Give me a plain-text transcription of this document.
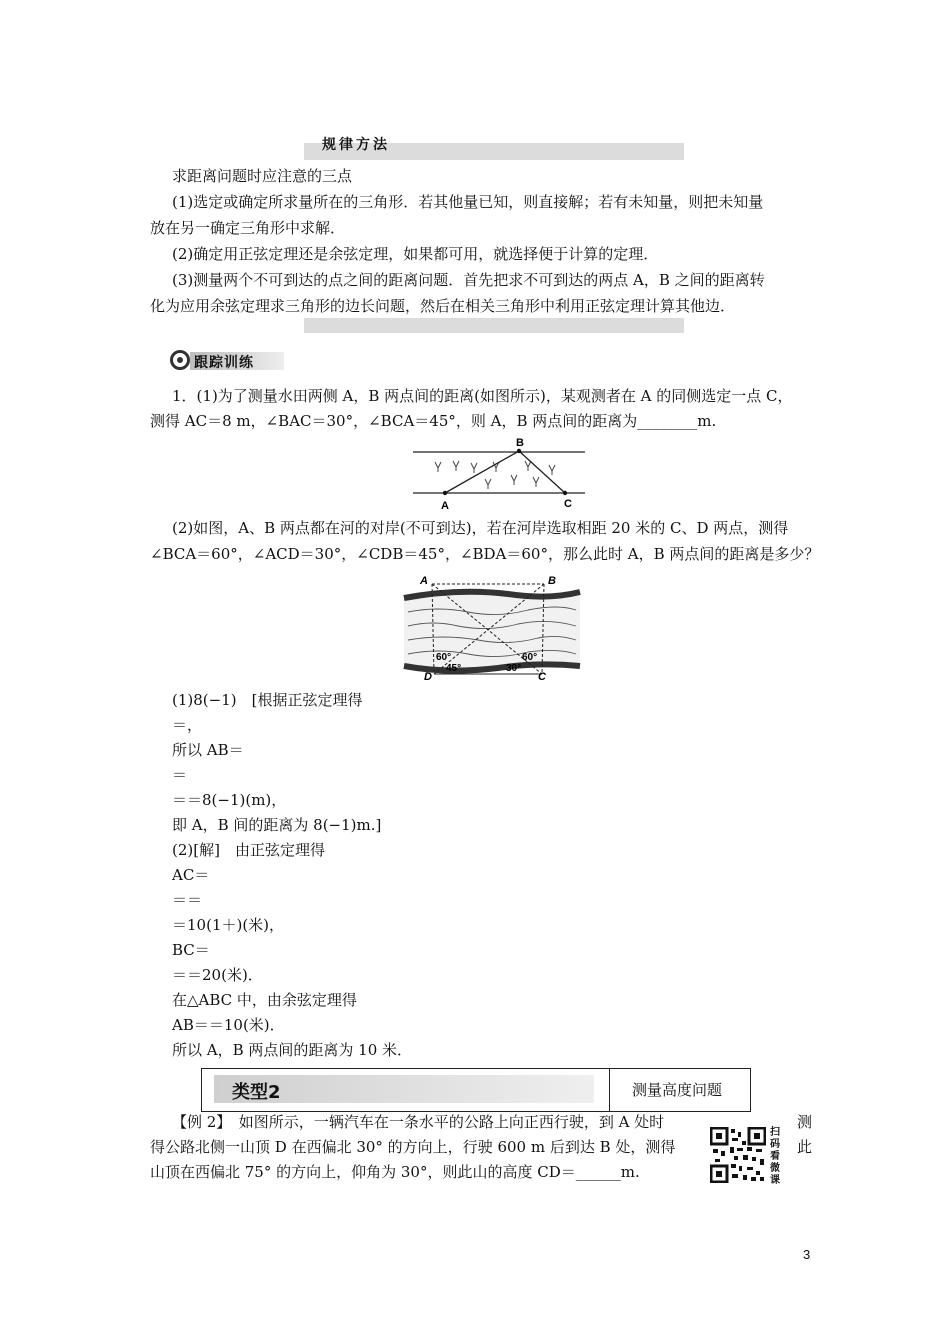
规律方法
求距离问题时应注意的三点
(1)选定或确定所求量所在的三角形．若其他量已知，则直接解；若有未知量，则把未知量
放在另一确定三角形中求解．
(2)确定用正弦定理还是余弦定理，如果都可用，就选择便于计算的定理．
(3)测量两个不可到达的点之间的距离问题．首先把求不可到达的两点 A，B 之间的距离转
化为应用余弦定理求三角形的边长问题，然后在相关三角形中利用正弦定理计算其他边．
跟踪训练
1．(1)为了测量水田两侧 A，B 两点间的距离(如图所示)，某观测者在 A 的同侧选定一点 C，
测得 AC＝8 m，∠BAC＝30°，∠BCA＝45°，则 A，B 两点间的距离为________m.
A
B
C
(2)如图，A、B 两点都在河的对岸(不可到达)，若在河岸选取相距 20 米的 C、D 两点，测得
∠BCA＝60°，∠ACD＝30°，∠CDB＝45°，∠BDA＝60°，那么此时 A，B 两点间的距离是多少？
A	B
D	C
60°
45°	30°
60°
(1)8(−1)　[根据正弦定理得
＝，
所以 AB＝
＝
＝＝8(−1)(m)，
即 A，B 间的距离为 8(−1)m.]
(2)[解]　由正弦定理得
AC＝
＝＝
＝10(1＋)(米)，
BC＝
＝＝20(米)．
在△ABC 中，由余弦定理得
AB＝＝10(米)．
所以 A，B 两点间的距离为 10 米．
类型2	测量高度问题
【例 2】　如图所示，一辆汽车在一条水平的公路上向正西行驶，到 A 处时
得公路北侧一山顶 D 在西偏北 30° 的方向上，行驶 600 m 后到达 B 处，测得
山顶在西偏北 75° 的方向上，仰角为 30°，则此山的高度 CD＝______m.
测
此
扫码看微课
3
